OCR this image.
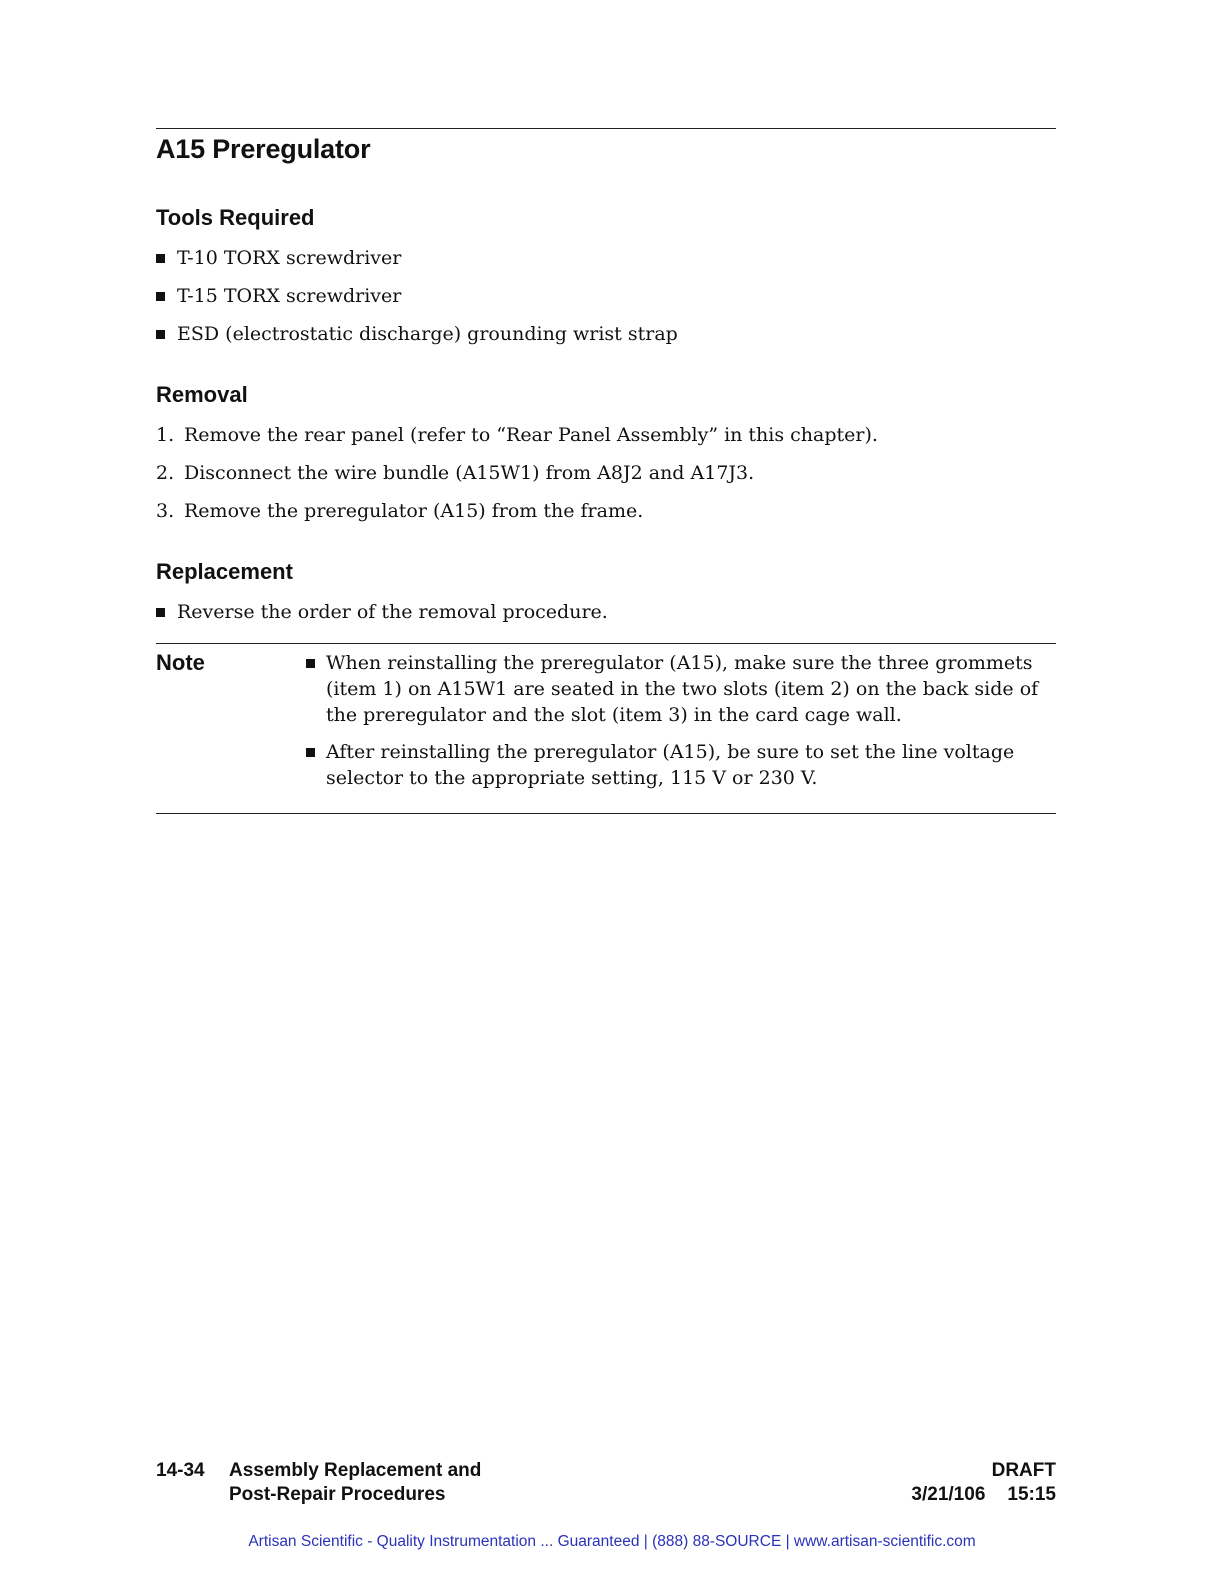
A15 Preregulator
Tools Required
T-10 TORX screwdriver
T-15 TORX screwdriver
ESD (electrostatic discharge) grounding wrist strap
Removal
1. Remove the rear panel (refer to “Rear Panel Assembly” in this chapter).
2. Disconnect the wire bundle (A15W1) from A8J2 and A17J3.
3. Remove the preregulator (A15) from the frame.
Replacement
Reverse the order of the removal procedure.
Note	When reinstalling the preregulator (A15), make sure the three grommets (item 1) on A15W1 are seated in the two slots (item 2) on the back side of the preregulator and the slot (item 3) in the card cage wall.
After reinstalling the preregulator (A15), be sure to set the line voltage selector to the appropriate setting, 115 V or 230 V.
14-34 Assembly Replacement and
Post-Repair Procedures
DRAFT
3/21/106 15:15
Artisan Scientific - Quality Instrumentation ... Guaranteed | (888) 88-SOURCE | www.artisan-scientific.com
